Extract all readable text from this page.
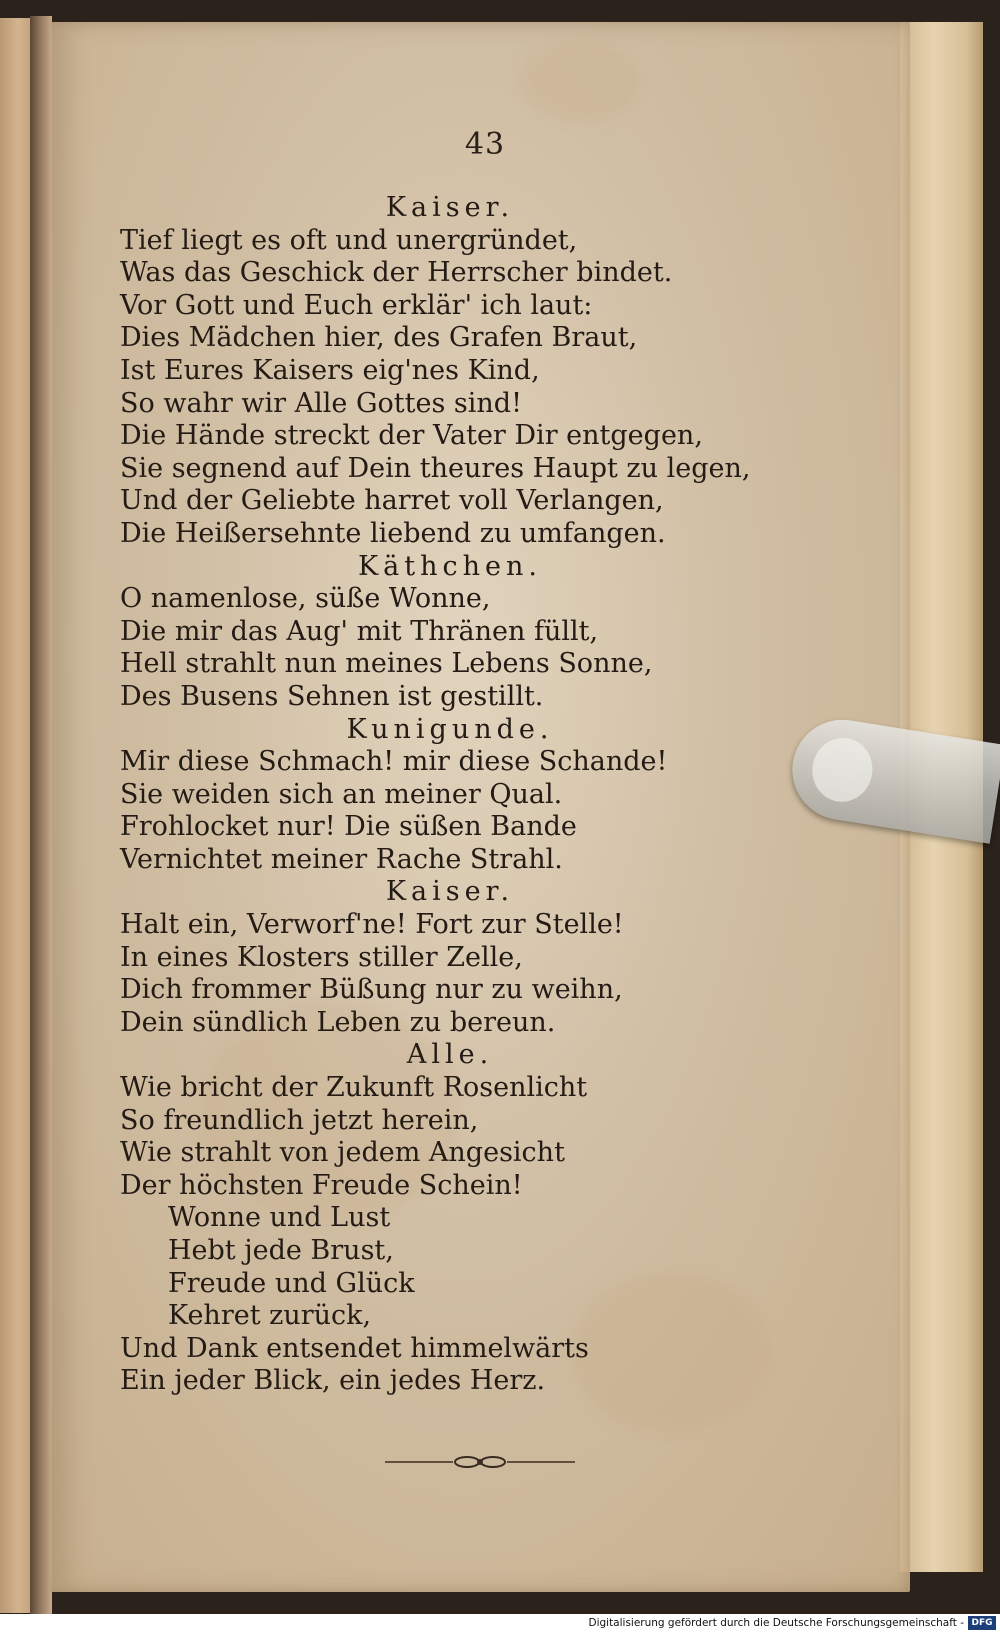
43
Kaiser.
Tief liegt es oft und unergründet,
Was das Geschick der Herrscher bindet.
Vor Gott und Euch erklär' ich laut:
Dies Mädchen hier, des Grafen Braut,
Ist Eures Kaisers eig'nes Kind,
So wahr wir Alle Gottes sind!
Die Hände streckt der Vater Dir entgegen,
Sie segnend auf Dein theures Haupt zu legen,
Und der Geliebte harret voll Verlangen,
Die Heißersehnte liebend zu umfangen.
Käthchen.
O namenlose, süße Wonne,
Die mir das Aug' mit Thränen füllt,
Hell strahlt nun meines Lebens Sonne,
Des Busens Sehnen ist gestillt.
Kunigunde.
Mir diese Schmach! mir diese Schande!
Sie weiden sich an meiner Qual.
Frohlocket nur! Die süßen Bande
Vernichtet meiner Rache Strahl.
Kaiser.
Halt ein, Verworf'ne! Fort zur Stelle!
In eines Klosters stiller Zelle,
Dich frommer Büßung nur zu weihn,
Dein sündlich Leben zu bereun.
Alle.
Wie bricht der Zukunft Rosenlicht
So freundlich jetzt herein,
Wie strahlt von jedem Angesicht
Der höchsten Freude Schein!
Wonne und Lust
Hebt jede Brust,
Freude und Glück
Kehret zurück,
Und Dank entsendet himmelwärts
Ein jeder Blick, ein jedes Herz.
Digitalisierung gefördert durch die Deutsche Forschungsgemeinschaft - DFG
